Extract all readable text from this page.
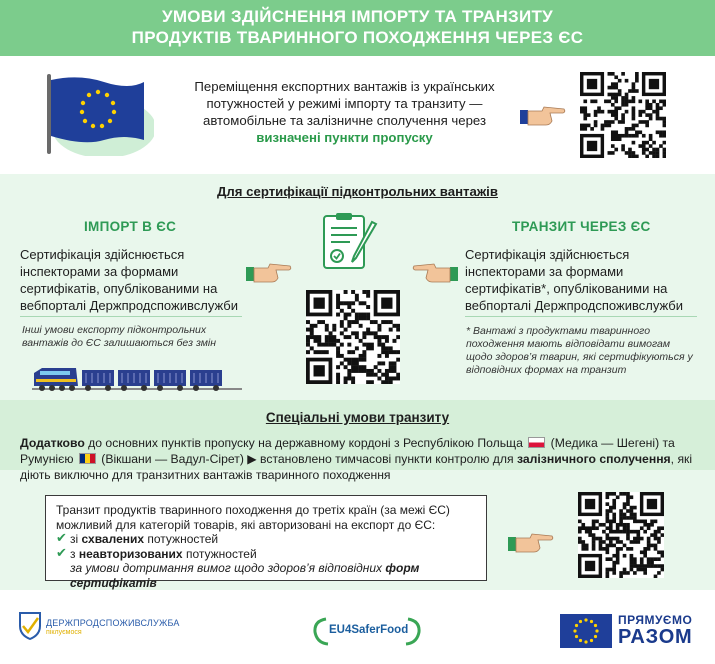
УМОВИ ЗДІЙСНЕННЯ ІМПОРТУ ТА ТРАНЗИТУ
ПРОДУКТІВ ТВАРИННОГО ПОХОДЖЕННЯ ЧЕРЕЗ ЄС
Переміщення експортних вантажів із українських потужностей у режимі імпорту та транзиту — автомобільне та залізничне сполучення через
визначені пункти пропуску
Для сертифікації підконтрольних вантажів
ІМПОРТ В ЄС
Сертифікація здійснюється інспекторами за формами сертифікатів, опублікованими на вебпорталі Держпродспоживслужби
Інші умови експорту підконтрольних вантажів до ЄС залишаються без змін
ТРАНЗИТ ЧЕРЕЗ ЄС
Сертифікація здійснюється інспекторами за формами сертифікатів*, опублікованими на вебпорталі Держпродспоживслужби
* Вантажі з продуктами тваринного походження мають відповідати вимогам щодо здоров’я тварин, які сертифікуються у відповідних формах на транзит
Спеціальні умови транзиту
Додатково до основних пунктів пропуску на державному кордоні з Республікою Польща  (Медика — Шегені) та Румунією  (Вікшани — Вадул-Сірет) ▶ встановлено тимчасові пункти контролю для залізничного сполучення, які діють виключно для транзитних вантажів тваринного походження
Транзит продуктів тваринного походження до третіх країн (за межі ЄС) можливий для категорій товарів, які авторизовані на експорт до ЄС:
✔ зі схвалених потужностей
✔ з неавторизованих потужностей
за умови дотримання вимог щодо здоров’я відповідних форм сертифікатів
ДЕРЖПРОДСПОЖИВСЛУЖБА
піклуємося	EU4SaferFood
ПРЯМУЄМО
РАЗОМ
